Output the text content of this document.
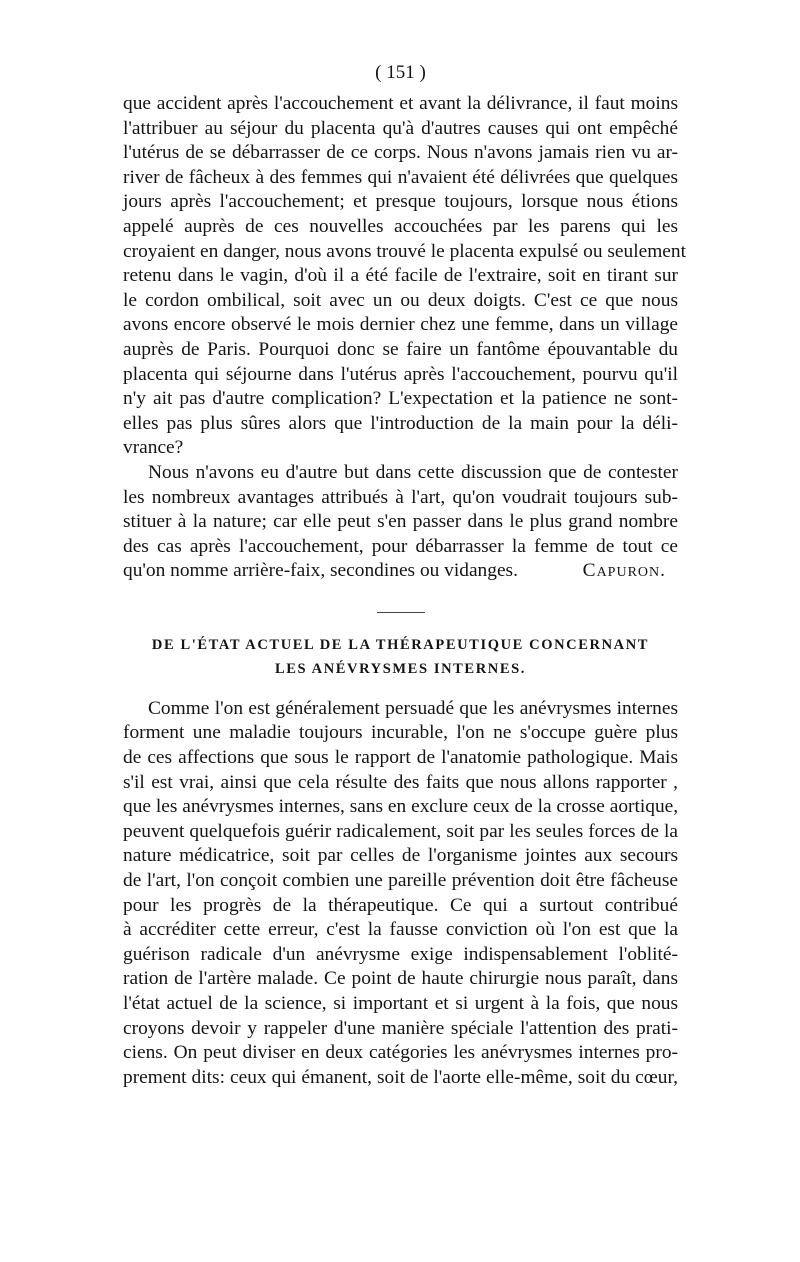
( 151 )
que accident après l'accouchement et avant la délivrance, il faut moins
l'attribuer au séjour du placenta qu'à d'autres causes qui ont empêché
l'utérus de se débarrasser de ce corps. Nous n'avons jamais rien vu ar-
river de fâcheux à des femmes qui n'avaient été délivrées que quelques
jours après l'accouchement; et presque toujours, lorsque nous étions
appelé auprès de ces nouvelles accouchées par les parens qui les
croyaient en danger, nous avons trouvé le placenta expulsé ou seulement
retenu dans le vagin, d'où il a été facile de l'extraire, soit en tirant sur
le cordon ombilical, soit avec un ou deux doigts. C'est ce que nous
avons encore observé le mois dernier chez une femme, dans un village
auprès de Paris. Pourquoi donc se faire un fantôme épouvantable du
placenta qui séjourne dans l'utérus après l'accouchement, pourvu qu'il
n'y ait pas d'autre complication? L'expectation et la patience ne sont-
elles pas plus sûres alors que l'introduction de la main pour la déli-
vrance?
Nous n'avons eu d'autre but dans cette discussion que de contester
les nombreux avantages attribués à l'art, qu'on voudrait toujours sub-
stituer à la nature; car elle peut s'en passer dans le plus grand nombre
des cas après l'accouchement, pour débarrasser la femme de tout ce
qu'on nomme arrière-faix, secondines ou vidanges.	Capuron.
DE L'ÉTAT ACTUEL DE LA THÉRAPEUTIQUE CONCERNANT
LES ANÉVRYSMES INTERNES.
Comme l'on est généralement persuadé que les anévrysmes internes
forment une maladie toujours incurable, l'on ne s'occupe guère plus
de ces affections que sous le rapport de l'anatomie pathologique. Mais
s'il est vrai, ainsi que cela résulte des faits que nous allons rapporter ,
que les anévrysmes internes, sans en exclure ceux de la crosse aortique,
peuvent quelquefois guérir radicalement, soit par les seules forces de la
nature médicatrice, soit par celles de l'organisme jointes aux secours
de l'art, l'on conçoit combien une pareille prévention doit être fâcheuse
pour les progrès de la thérapeutique. Ce qui a surtout contribué
à accréditer cette erreur, c'est la fausse conviction où l'on est que la
guérison radicale d'un anévrysme exige indispensablement l'oblité-
ration de l'artère malade. Ce point de haute chirurgie nous paraît, dans
l'état actuel de la science, si important et si urgent à la fois, que nous
croyons devoir y rappeler d'une manière spéciale l'attention des prati-
ciens. On peut diviser en deux catégories les anévrysmes internes pro-
prement dits: ceux qui émanent, soit de l'aorte elle-même, soit du cœur,
